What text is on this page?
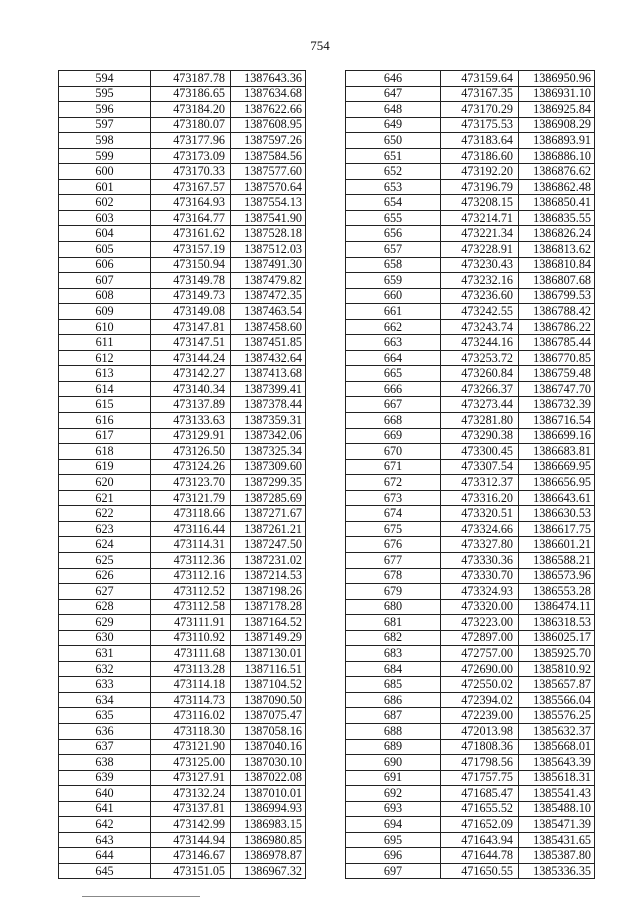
754
594	473187.78	1387643.36
595	473186.65	1387634.68
596	473184.20	1387622.66
597	473180.07	1387608.95
598	473177.96	1387597.26
599	473173.09	1387584.56
600	473170.33	1387577.60
601	473167.57	1387570.64
602	473164.93	1387554.13
603	473164.77	1387541.90
604	473161.62	1387528.18
605	473157.19	1387512.03
606	473150.94	1387491.30
607	473149.78	1387479.82
608	473149.73	1387472.35
609	473149.08	1387463.54
610	473147.81	1387458.60
611	473147.51	1387451.85
612	473144.24	1387432.64
613	473142.27	1387413.68
614	473140.34	1387399.41
615	473137.89	1387378.44
616	473133.63	1387359.31
617	473129.91	1387342.06
618	473126.50	1387325.34
619	473124.26	1387309.60
620	473123.70	1387299.35
621	473121.79	1387285.69
622	473118.66	1387271.67
623	473116.44	1387261.21
624	473114.31	1387247.50
625	473112.36	1387231.02
626	473112.16	1387214.53
627	473112.52	1387198.26
628	473112.58	1387178.28
629	473111.91	1387164.52
630	473110.92	1387149.29
631	473111.68	1387130.01
632	473113.28	1387116.51
633	473114.18	1387104.52
634	473114.73	1387090.50
635	473116.02	1387075.47
636	473118.30	1387058.16
637	473121.90	1387040.16
638	473125.00	1387030.10
639	473127.91	1387022.08
640	473132.24	1387010.01
641	473137.81	1386994.93
642	473142.99	1386983.15
643	473144.94	1386980.85
644	473146.67	1386978.87
645	473151.05	1386967.32
646	473159.64	1386950.96
647	473167.35	1386931.10
648	473170.29	1386925.84
649	473175.53	1386908.29
650	473183.64	1386893.91
651	473186.60	1386886.10
652	473192.20	1386876.62
653	473196.79	1386862.48
654	473208.15	1386850.41
655	473214.71	1386835.55
656	473221.34	1386826.24
657	473228.91	1386813.62
658	473230.43	1386810.84
659	473232.16	1386807.68
660	473236.60	1386799.53
661	473242.55	1386788.42
662	473243.74	1386786.22
663	473244.16	1386785.44
664	473253.72	1386770.85
665	473260.84	1386759.48
666	473266.37	1386747.70
667	473273.44	1386732.39
668	473281.80	1386716.54
669	473290.38	1386699.16
670	473300.45	1386683.81
671	473307.54	1386669.95
672	473312.37	1386656.95
673	473316.20	1386643.61
674	473320.51	1386630.53
675	473324.66	1386617.75
676	473327.80	1386601.21
677	473330.36	1386588.21
678	473330.70	1386573.96
679	473324.93	1386553.28
680	473320.00	1386474.11
681	473223.00	1386318.53
682	472897.00	1386025.17
683	472757.00	1385925.70
684	472690.00	1385810.92
685	472550.02	1385657.87
686	472394.02	1385566.04
687	472239.00	1385576.25
688	472013.98	1385632.37
689	471808.36	1385668.01
690	471798.56	1385643.39
691	471757.75	1385618.31
692	471685.47	1385541.43
693	471655.52	1385488.10
694	471652.09	1385471.39
695	471643.94	1385431.65
696	471644.78	1385387.80
697	471650.55	1385336.35
